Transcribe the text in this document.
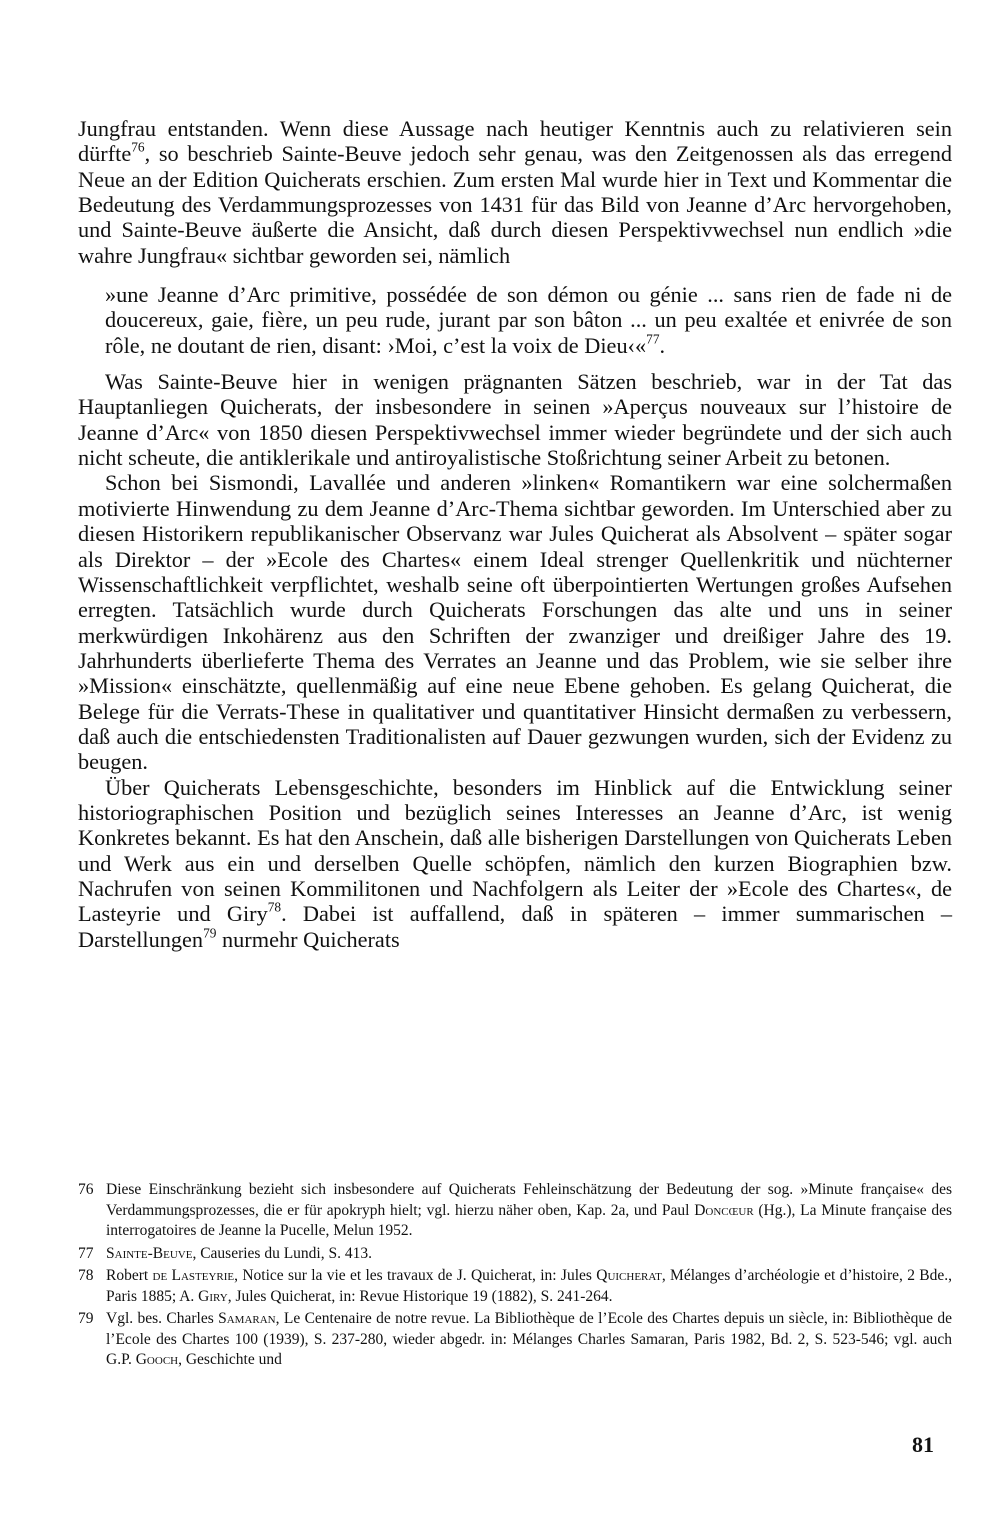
Jungfrau entstanden. Wenn diese Aussage nach heutiger Kenntnis auch zu relativieren sein dürfte$^{76}$, so beschrieb Sainte-Beuve jedoch sehr genau, was den Zeitgenossen als das erregend Neue an der Edition Quicherats erschien. Zum ersten Mal wurde hier in Text und Kommentar die Bedeutung des Verdammungsprozesses von 1431 für das Bild von Jeanne d’Arc hervorgehoben, und Sainte-Beuve äußerte die Ansicht, daß durch diesen Perspektivwechsel nun endlich »die wahre Jungfrau« sichtbar geworden sei, nämlich

»une Jeanne d’Arc primitive, possédée de son démon ou génie ... sans rien de fade ni de doucereux, gaie, fière, un peu rude, jurant par son bâton ... un peu exaltée et enivrée de son rôle, ne doutant de rien, disant: ›Moi, c’est la voix de Dieu‹«$^{77}$.

Was Sainte-Beuve hier in wenigen prägnanten Sätzen beschrieb, war in der Tat das Hauptanliegen Quicherats, der insbesondere in seinen »Aperçus nouveaux sur l’histoire de Jeanne d’Arc« von 1850 diesen Perspektivwechsel immer wieder begründete und der sich auch nicht scheute, die antiklerikale und antiroyalistische Stoßrichtung seiner Arbeit zu betonen.

Schon bei Sismondi, Lavallée und anderen »linken« Romantikern war eine solchermaßen motivierte Hinwendung zu dem Jeanne d’Arc-Thema sichtbar geworden. Im Unterschied aber zu diesen Historikern republikanischer Observanz war Jules Quicherat als Absolvent – später sogar als Direktor – der »Ecole des Chartes« einem Ideal strenger Quellenkritik und nüchterner Wissenschaftlichkeit verpflichtet, weshalb seine oft überpointierten Wertungen großes Aufsehen erregten. Tatsächlich wurde durch Quicherats Forschungen das alte und uns in seiner merkwürdigen Inkohärenz aus den Schriften der zwanziger und dreißiger Jahre des 19. Jahrhunderts überlieferte Thema des Verrates an Jeanne und das Problem, wie sie selber ihre »Mission« einschätzte, quellenmäßig auf eine neue Ebene gehoben. Es gelang Quicherat, die Belege für die Verrats-These in qualitativer und quantitativer Hinsicht dermaßen zu verbessern, daß auch die entschiedensten Traditionalisten auf Dauer gezwungen wurden, sich der Evidenz zu beugen.

Über Quicherats Lebensgeschichte, besonders im Hinblick auf die Entwicklung seiner historiographischen Position und bezüglich seines Interesses an Jeanne d’Arc, ist wenig Konkretes bekannt. Es hat den Anschein, daß alle bisherigen Darstellungen von Quicherats Leben und Werk aus ein und derselben Quelle schöpfen, nämlich den kurzen Biographien bzw. Nachrufen von seinen Kommilitonen und Nachfolgern als Leiter der »Ecole des Chartes«, de Lasteyrie und Giry$^{78}$. Dabei ist auffallend, daß in späteren – immer summarischen – Darstellungen$^{79}$ nurmehr Quicherats

76 Diese Einschränkung bezieht sich insbesondere auf Quicherats Fehleinschätzung der Bedeutung der sog. »Minute française« des Verdammungsprozesses, die er für apokryph hielt; vgl. hierzu näher oben, Kap. 2a, und Paul Doncœur (Hg.), La Minute française des interrogatoires de Jeanne la Pucelle, Melun 1952.
77 Sainte-Beuve, Causeries du Lundi, S. 413.
78 Robert de Lasteyrie, Notice sur la vie et les travaux de J. Quicherat, in: Jules Quicherat, Mélanges d’archéologie et d’histoire, 2 Bde., Paris 1885; A. Giry, Jules Quicherat, in: Revue Historique 19 (1882), S. 241-264.
79 Vgl. bes. Charles Samaran, Le Centenaire de notre revue. La Bibliothèque de l’Ecole des Chartes depuis un siècle, in: Bibliothèque de l’Ecole des Chartes 100 (1939), S. 237-280, wieder abgedr. in: Mélanges Charles Samaran, Paris 1982, Bd. 2, S. 523-546; vgl. auch G.P. Gooch, Geschichte und
81
